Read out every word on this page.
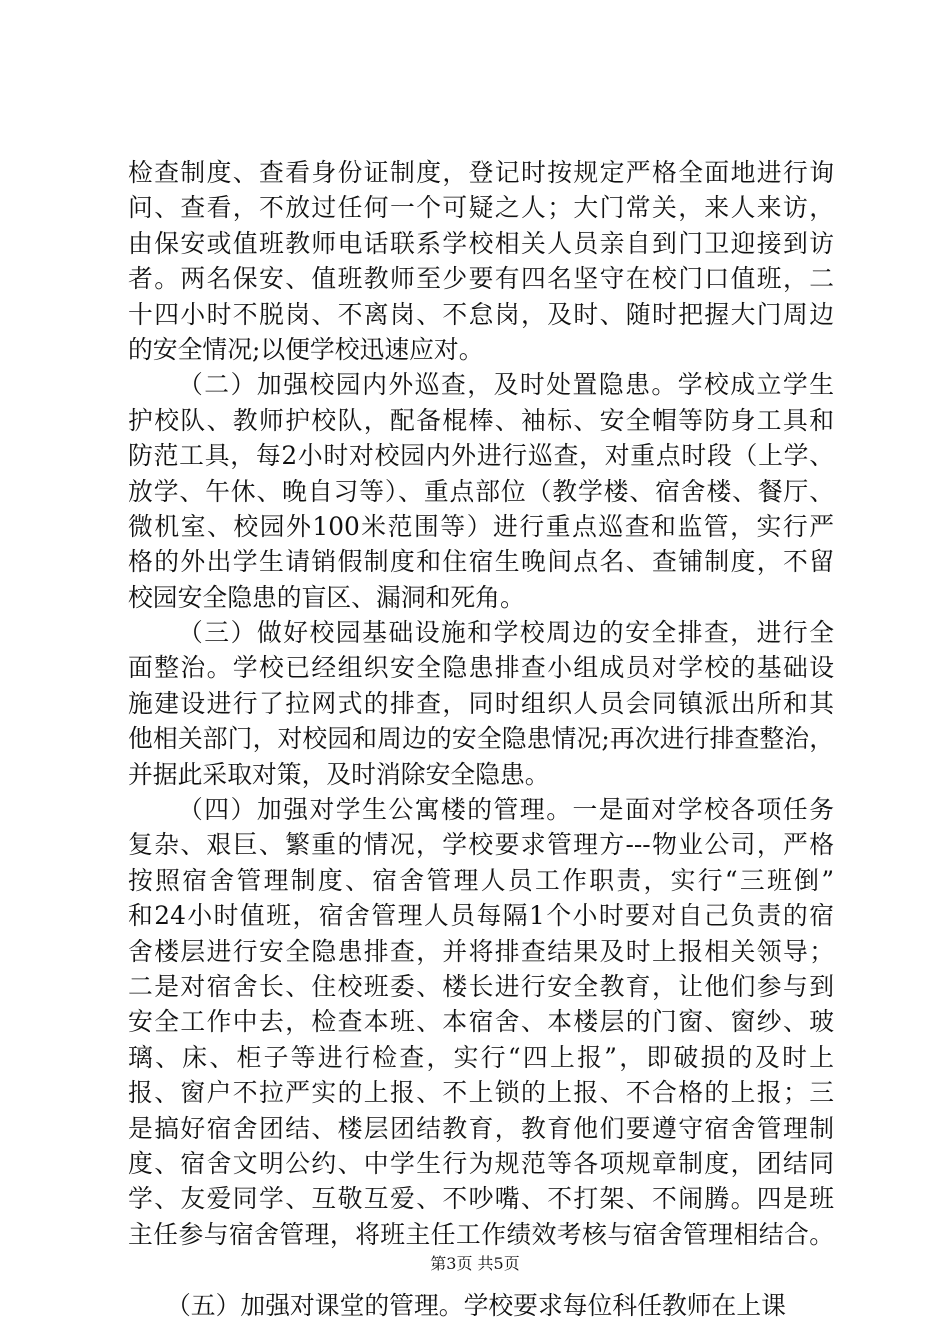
检查制度、查看身份证制度，登记时按规定严格全面地进行询
问、查看，不放过任何一个可疑之人；大门常关，来人来访，
由保安或值班教师电话联系学校相关人员亲自到门卫迎接到访
者。两名保安、值班教师至少要有四名坚守在校门口值班，二
十四小时不脱岗、不离岗、不怠岗，及时、随时把握大门周边
的安全情况;以便学校迅速应对。
（二）加强校园内外巡查，及时处置隐患。学校成立学生
护校队、教师护校队，配备棍棒、袖标、安全帽等防身工具和
防范工具，每2小时对校园内外进行巡查，对重点时段（上学、
放学、午休、晚自习等）、重点部位（教学楼、宿舍楼、餐厅、
微机室、校园外100米范围等）进行重点巡查和监管，实行严
格的外出学生请销假制度和住宿生晚间点名、查铺制度，不留
校园安全隐患的盲区、漏洞和死角。
（三）做好校园基础设施和学校周边的安全排查，进行全
面整治。学校已经组织安全隐患排查小组成员对学校的基础设
施建设进行了拉网式的排查，同时组织人员会同镇派出所和其
他相关部门，对校园和周边的安全隐患情况;再次进行排查整治，
并据此采取对策，及时消除安全隐患。
（四）加强对学生公寓楼的管理。一是面对学校各项任务
复杂、艰巨、繁重的情况，学校要求管理方---物业公司，严格
按照宿舍管理制度、宿舍管理人员工作职责，实行“三班倒”
和24小时值班，宿舍管理人员每隔1个小时要对自己负责的宿
舍楼层进行安全隐患排查，并将排查结果及时上报相关领导；
二是对宿舍长、住校班委、楼长进行安全教育，让他们参与到
安全工作中去，检查本班、本宿舍、本楼层的门窗、窗纱、玻
璃、床、柜子等进行检查，实行“四上报”，即破损的及时上
报、窗户不拉严实的上报、不上锁的上报、不合格的上报；三
是搞好宿舍团结、楼层团结教育，教育他们要遵守宿舍管理制
度、宿舍文明公约、中学生行为规范等各项规章制度，团结同
学、友爱同学、互敬互爱、不吵嘴、不打架、不闹腾。四是班
主任参与宿舍管理，将班主任工作绩效考核与宿舍管理相结合。
（五）加强对课堂的管理。学校要求每位科任教师在上课
第3页 共5页
